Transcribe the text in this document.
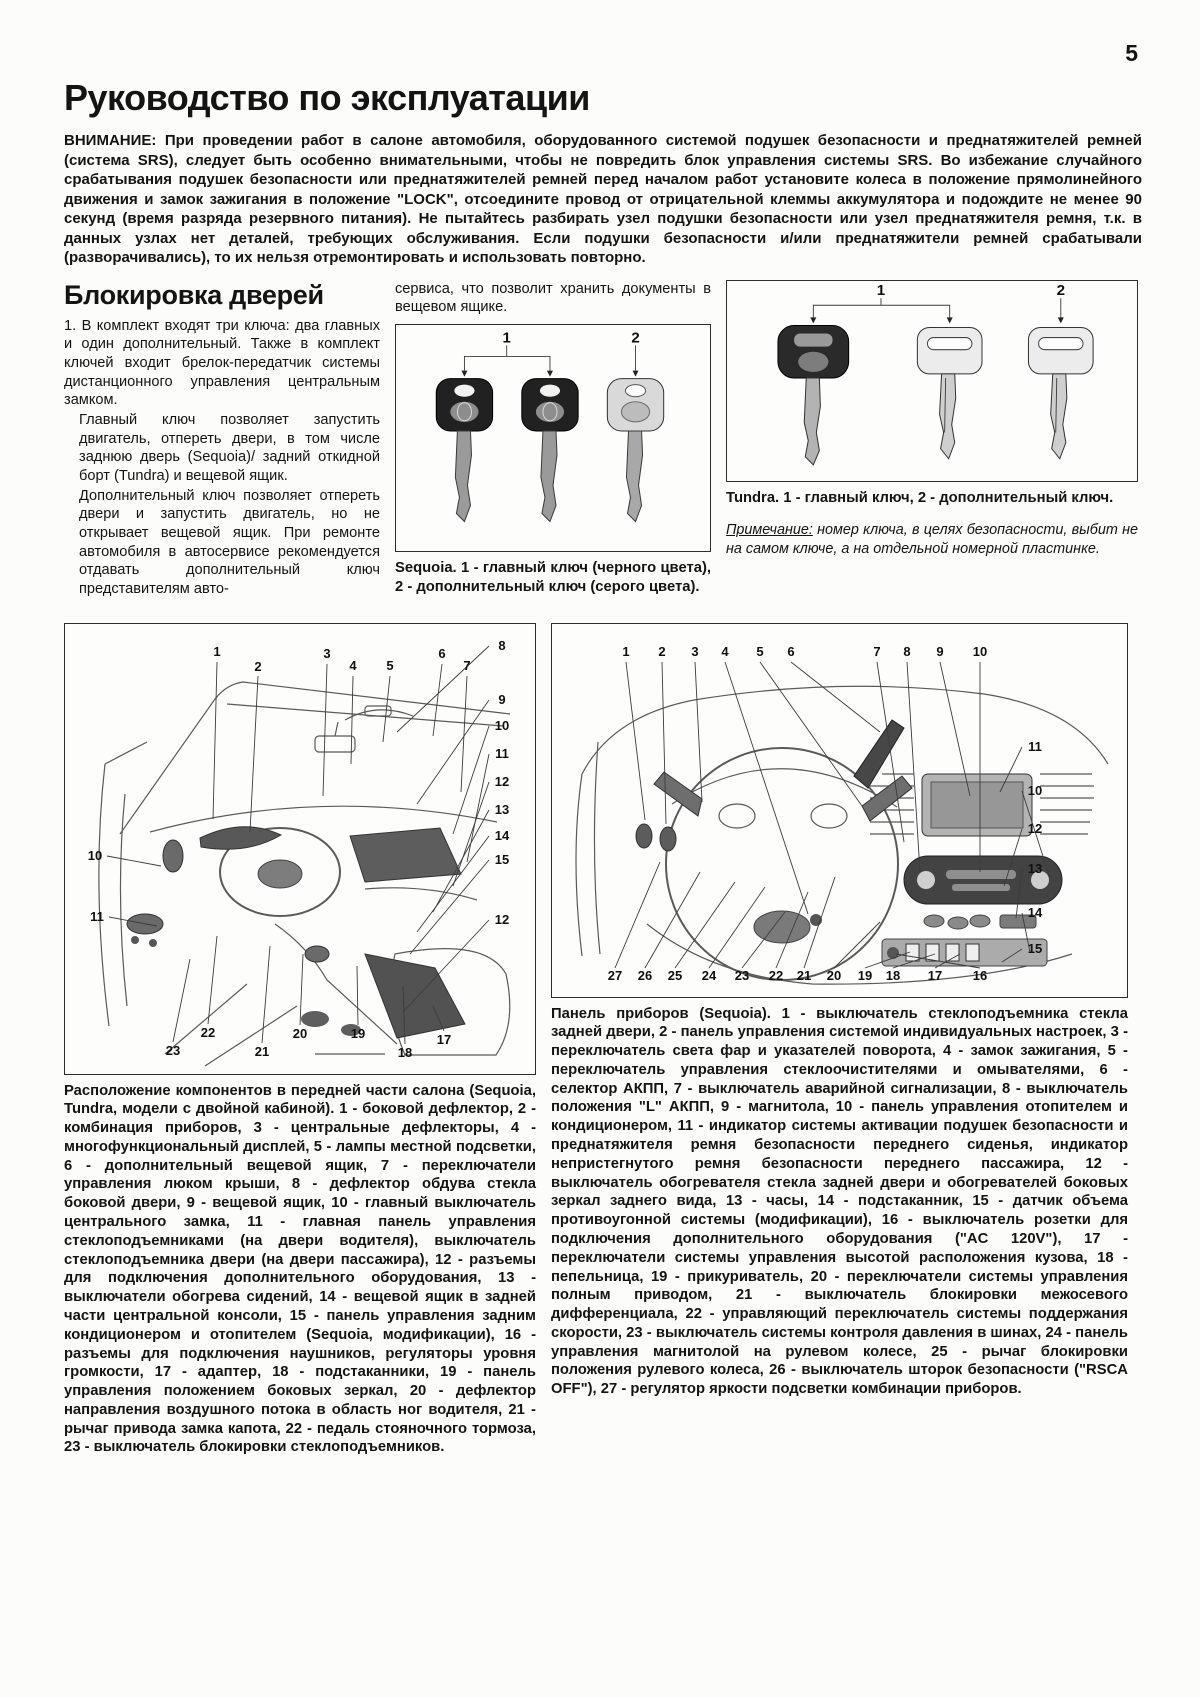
5
Руководство по эксплуатации

ВНИМАНИЕ: При проведении работ в салоне автомобиля, оборудованного системой подушек безопасности и преднатяжителей ремней (система SRS), следует быть особенно внимательными, чтобы не повредить блок управления системы SRS. Во избежание случайного срабатывания подушек безопасности или преднатяжителей ремней перед началом работ установите колеса в положение прямолинейного движения и замок зажигания в положение "LOCK", отсоедините провод от отрицательной клеммы аккумулятора и подождите не менее 90 секунд (время разряда резервного питания). Не пытайтесь разбирать узел подушки безопасности или узел преднатяжителя ремня, т.к. в данных узлах нет деталей, требующих обслуживания. Если подушки безопасности и/или преднатяжители ремней срабатывали (разворачивались), то их нельзя отремонтировать и использовать повторно.

Блокировка дверей

1. В комплект входят три ключа: два главных и один дополнительный. Также в комплект ключей входит брелок-передатчик системы дистанционного управления центральным замком.

Главный ключ позволяет запустить двигатель, отпереть двери, в том числе заднюю дверь (Sequoia)/ задний откидной борт (Tundra) и вещевой ящик.

Дополнительный ключ позволяет отпереть двери и запустить двигатель, но не открывает вещевой ящик. При ремонте автомобиля в автосервисе рекомендуется отдавать дополнительный ключ представителям авто-

сервиса, что позволит хранить документы в вещевом ящике.

1	2

Sequoia. 1 - главный ключ (черного цвета), 2 - дополнительный ключ (серого цвета).

1	2

Tundra. 1 - главный ключ, 2 - дополнительный ключ.

Примечание: номер ключа, в целях безопасности, выбит не на самом ключе, а на отдельной номерной пластинке.

1
2
3
4 5
6
7
8
9
10
11
12
13
14
15
12
10
11
23
22
21
20	19
18
17

Расположение компонентов в передней части салона (Sequoia, Tundra, модели с двойной кабиной). 1 - боковой дефлектор, 2 - комбинация приборов, 3 - центральные дефлекторы, 4 - многофункциональный дисплей, 5 - лампы местной подсветки, 6 - дополнительный вещевой ящик, 7 - переключатели управления люком крыши, 8 - дефлектор обдува стекла боковой двери, 9 - вещевой ящик, 10 - главный выключатель центрального замка, 11 - главная панель управления стеклоподъемниками (на двери водителя), выключатель стеклоподъемника двери (на двери пассажира), 12 - разъемы для подключения дополнительного оборудования, 13 - выключатели обогрева сидений, 14 - вещевой ящик в задней части центральной консоли, 15 - панель управления задним кондиционером и отопителем (Sequoia, модификации), 16 - разъемы для подключения наушников, регуляторы уровня громкости, 17 - адаптер, 18 - подстаканники, 19 - панель управления положением боковых зеркал, 20 - дефлектор направления воздушного потока в область ног водителя, 21 - рычаг привода замка капота, 22 - педаль стояночного тормоза, 23 - выключатель блокировки стеклоподъемников.

1 2 3 4 5 6	7 8 9 10
11
10
12
13
14
15
27 26 25 24 23 22 21 20 19 18 17 16

Панель приборов (Sequoia). 1 - выключатель стеклоподъемника стекла задней двери, 2 - панель управления системой индивидуальных настроек, 3 - переключатель света фар и указателей поворота, 4 - замок зажигания, 5 - переключатель управления стеклоочистителями и омывателями, 6 - селектор АКПП, 7 - выключатель аварийной сигнализации, 8 - выключатель положения "L" АКПП, 9 - магнитола, 10 - панель управления отопителем и кондиционером, 11 - индикатор системы активации подушек безопасности и преднатяжителя ремня безопасности переднего сиденья, индикатор непристегнутого ремня безопасности переднего пассажира, 12 - выключатель обогревателя стекла задней двери и обогревателей боковых зеркал заднего вида, 13 - часы, 14 - подстаканник, 15 - датчик объема противоугонной системы (модификации), 16 - выключатель розетки для подключения дополнительного оборудования ("AC 120V"), 17 - переключатели системы управления высотой расположения кузова, 18 - пепельница, 19 - прикуриватель, 20 - переключатели системы управления полным приводом, 21 - выключатель блокировки межосевого дифференциала, 22 - управляющий переключатель системы поддержания скорости, 23 - выключатель системы контроля давления в шинах, 24 - панель управления магнитолой на рулевом колесе, 25 - рычаг блокировки положения рулевого колеса, 26 - выключатель шторок безопасности ("RSCA OFF"), 27 - регулятор яркости подсветки комбинации приборов.
